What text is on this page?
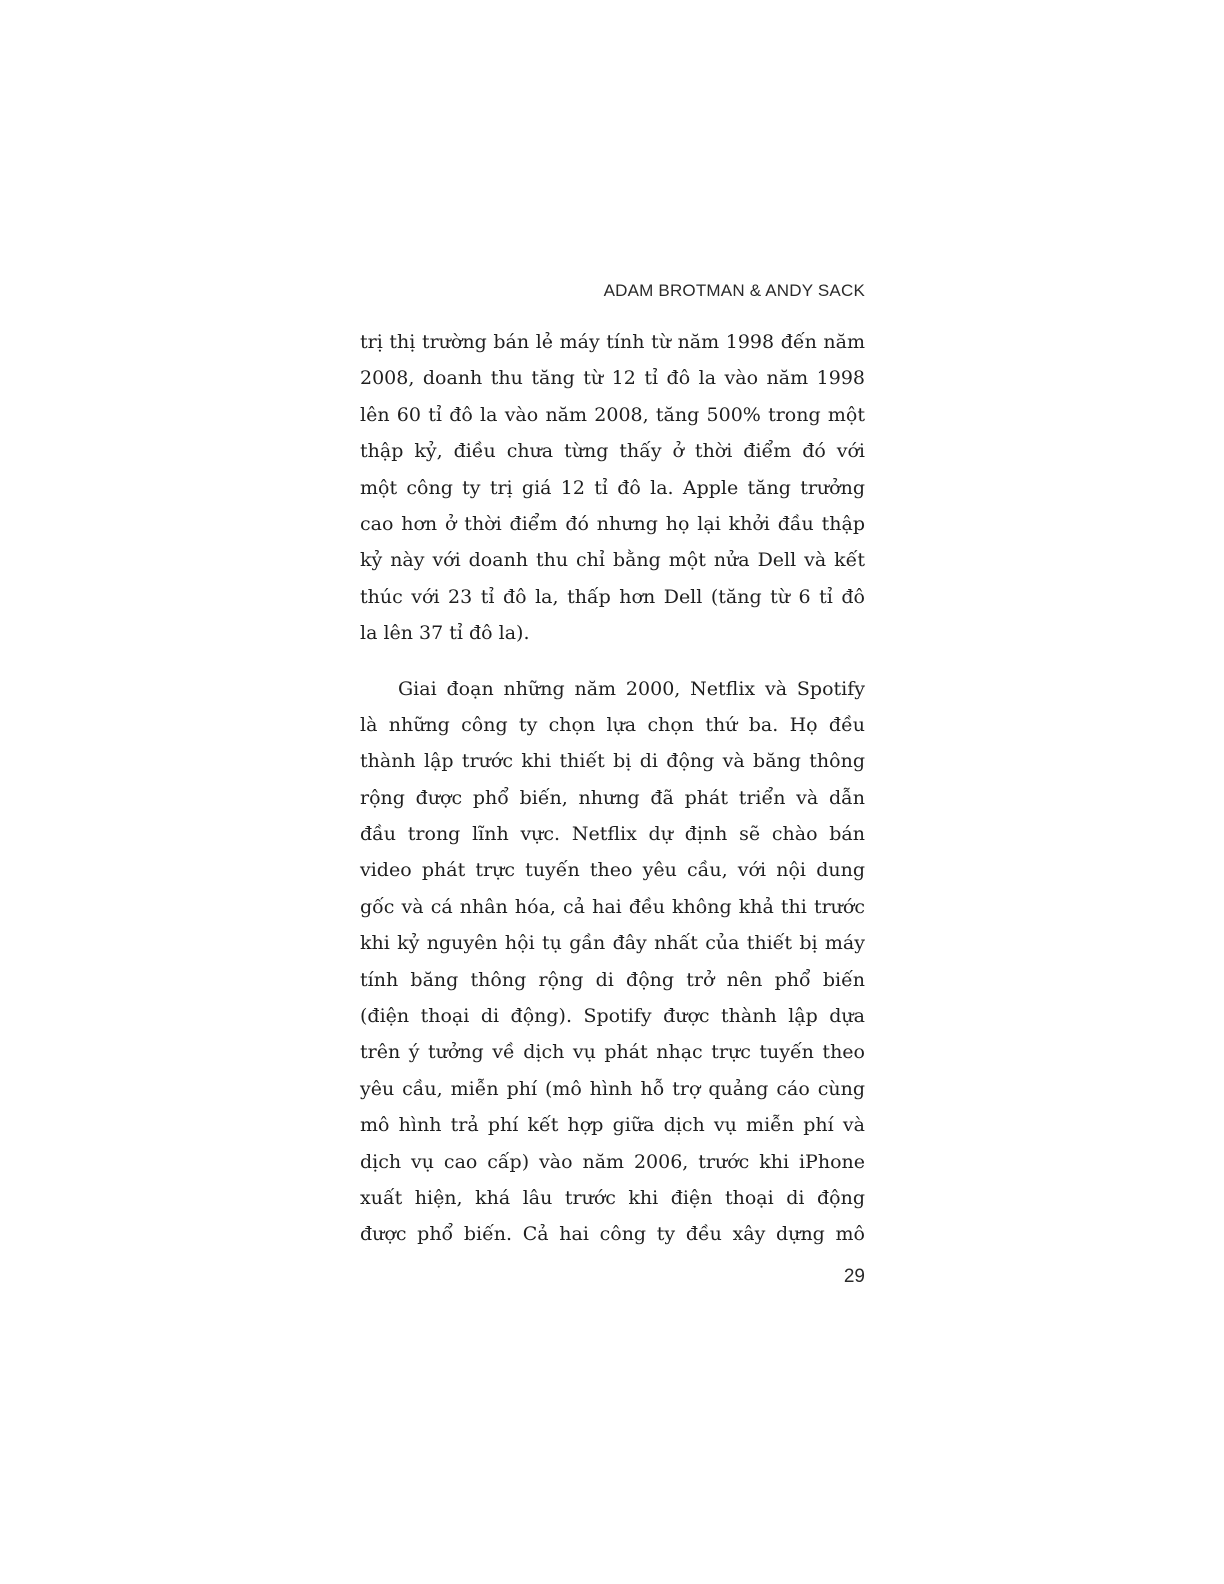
ADAM BROTMAN & ANDY SACK
trị thị trường bán lẻ máy tính từ năm 1998 đến năm
2008, doanh thu tăng từ 12 tỉ đô la vào năm 1998
lên 60 tỉ đô la vào năm 2008, tăng 500% trong một
thập kỷ, điều chưa từng thấy ở thời điểm đó với
một công ty trị giá 12 tỉ đô la. Apple tăng trưởng
cao hơn ở thời điểm đó nhưng họ lại khởi đầu thập
kỷ này với doanh thu chỉ bằng một nửa Dell và kết
thúc với 23 tỉ đô la, thấp hơn Dell (tăng từ 6 tỉ đô
la lên 37 tỉ đô la).
Giai đoạn những năm 2000, Netflix và Spotify
là những công ty chọn lựa chọn thứ ba. Họ đều
thành lập trước khi thiết bị di động và băng thông
rộng được phổ biến, nhưng đã phát triển và dẫn
đầu trong lĩnh vực. Netflix dự định sẽ chào bán
video phát trực tuyến theo yêu cầu, với nội dung
gốc và cá nhân hóa, cả hai đều không khả thi trước
khi kỷ nguyên hội tụ gần đây nhất của thiết bị máy
tính băng thông rộng di động trở nên phổ biến
(điện thoại di động). Spotify được thành lập dựa
trên ý tưởng về dịch vụ phát nhạc trực tuyến theo
yêu cầu, miễn phí (mô hình hỗ trợ quảng cáo cùng
mô hình trả phí kết hợp giữa dịch vụ miễn phí và
dịch vụ cao cấp) vào năm 2006, trước khi iPhone
xuất hiện, khá lâu trước khi điện thoại di động
được phổ biến. Cả hai công ty đều xây dựng mô
29
